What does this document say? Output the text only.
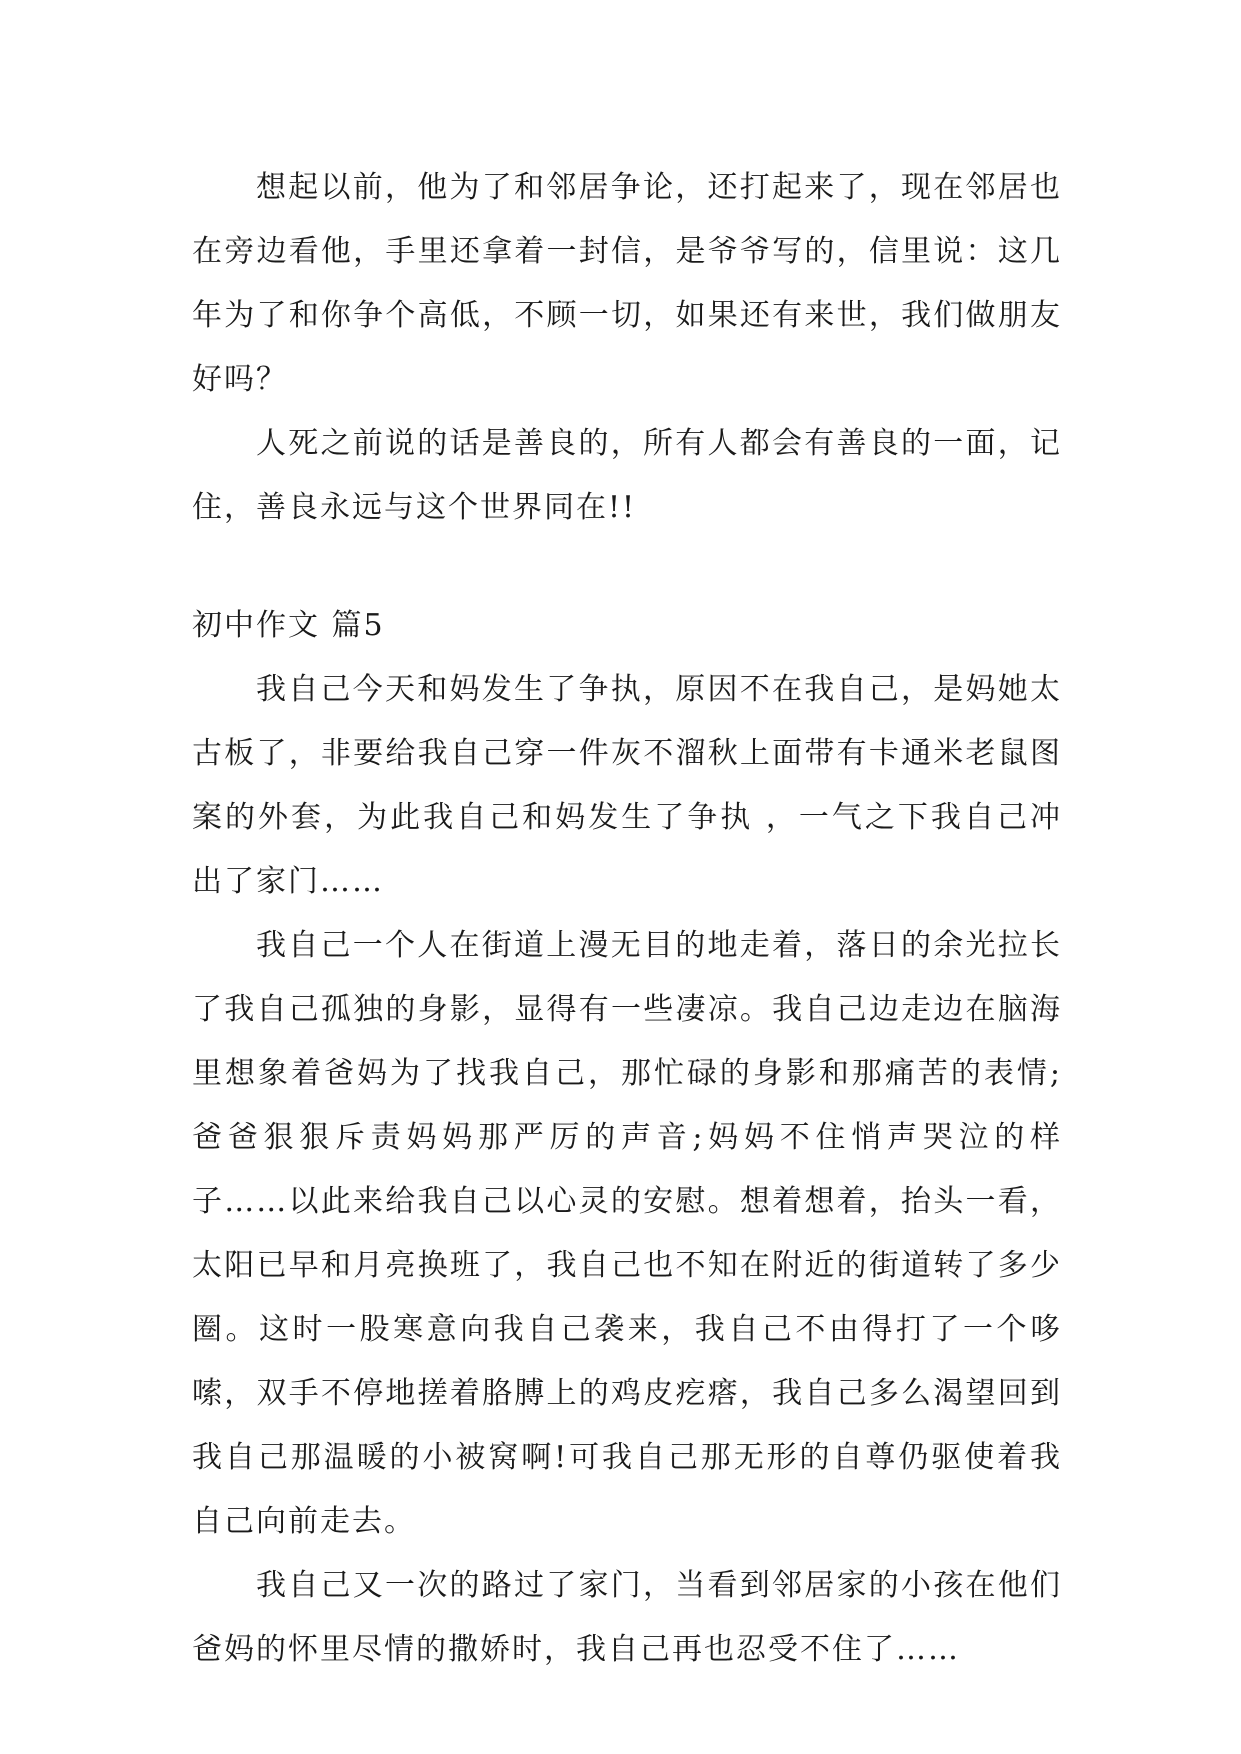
想起以前，他为了和邻居争论，还打起来了，现在邻居也在旁边看他，手里还拿着一封信，是爷爷写的，信里说：这几年为了和你争个高低，不顾一切，如果还有来世，我们做朋友好吗？

人死之前说的话是善良的，所有人都会有善良的一面，记住，善良永远与这个世界同在!!

初中作文 篇5

我自己今天和妈发生了争执，原因不在我自己，是妈她太古板了，非要给我自己穿一件灰不溜秋上面带有卡通米老鼠图案的外套，为此我自己和妈发生了争执 ，一气之下我自己冲出了家门……

我自己一个人在街道上漫无目的地走着，落日的余光拉长了我自己孤独的身影，显得有一些凄凉。我自己边走边在脑海里想象着爸妈为了找我自己，那忙碌的身影和那痛苦的表情;爸爸狠狠斥责妈妈那严厉的声音;妈妈不住悄声哭泣的样子……以此来给我自己以心灵的安慰。想着想着，抬头一看，太阳已早和月亮换班了，我自己也不知在附近的街道转了多少圈。这时一股寒意向我自己袭来，我自己不由得打了一个哆嗦，双手不停地搓着胳膊上的鸡皮疙瘩，我自己多么渴望回到我自己那温暖的小被窝啊!可我自己那无形的自尊仍驱使着我自己向前走去。

我自己又一次的路过了家门，当看到邻居家的小孩在他们爸妈的怀里尽情的撒娇时，我自己再也忍受不住了……
